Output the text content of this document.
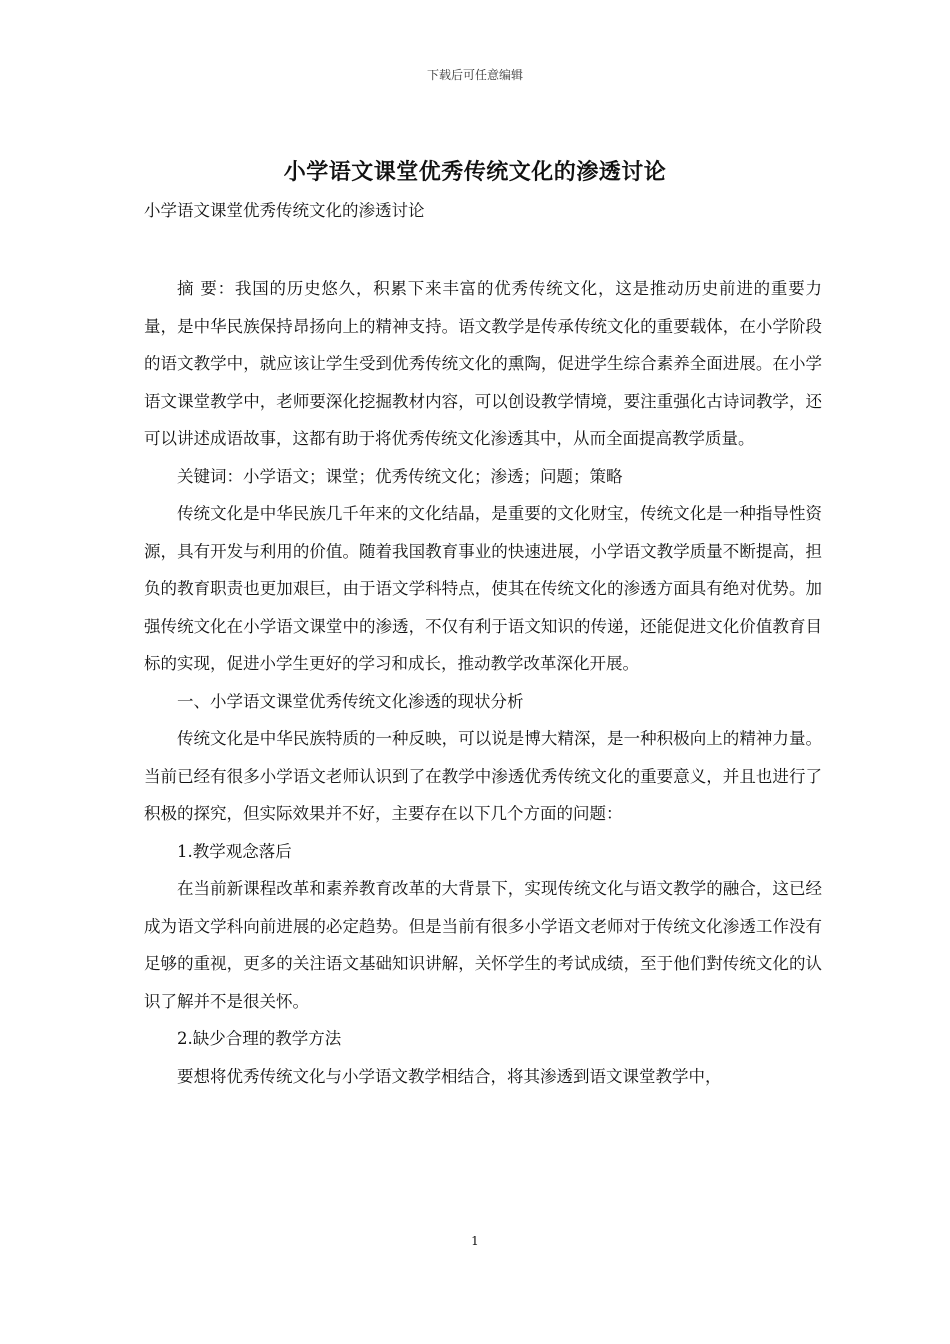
下载后可任意编辑
小学语文课堂优秀传统文化的渗透讨论
小学语文课堂优秀传统文化的渗透讨论

摘 要：我国的历史悠久，积累下来丰富的优秀传统文化，这是推动历史前进的重要力量，是中华民族保持昂扬向上的精神支持。语文教学是传承传统文化的重要载体，在小学阶段的语文教学中，就应该让学生受到优秀传统文化的熏陶，促进学生综合素养全面进展。在小学语文课堂教学中，老师要深化挖掘教材内容，可以创设教学情境，要注重强化古诗词教学，还可以讲述成语故事，这都有助于将优秀传统文化渗透其中，从而全面提高教学质量。

关键词：小学语文；课堂；优秀传统文化；渗透；问题；策略

传统文化是中华民族几千年来的文化结晶，是重要的文化财宝，传统文化是一种指导性资源，具有开发与利用的价值。随着我国教育事业的快速进展，小学语文教学质量不断提高，担负的教育职责也更加艰巨，由于语文学科特点，使其在传统文化的渗透方面具有绝对优势。加强传统文化在小学语文课堂中的渗透，不仅有利于语文知识的传递，还能促进文化价值教育目标的实现，促进小学生更好的学习和成长，推动教学改革深化开展。

一、小学语文课堂优秀传统文化渗透的现状分析

传统文化是中华民族特质的一种反映，可以说是博大精深，是一种积极向上的精神力量。当前已经有很多小学语文老师认识到了在教学中渗透优秀传统文化的重要意义，并且也进行了积极的探究，但实际效果并不好，主要存在以下几个方面的问题：

1.教学观念落后

在当前新课程改革和素养教育改革的大背景下，实现传统文化与语文教学的融合，这已经成为语文学科向前进展的必定趋势。但是当前有很多小学语文老师对于传统文化渗透工作没有足够的重视，更多的关注语文基础知识讲解，关怀学生的考试成绩，至于他们對传统文化的认识了解并不是很关怀。

2.缺少合理的教学方法

要想将优秀传统文化与小学语文教学相结合，将其渗透到语文课堂教学中，

1
